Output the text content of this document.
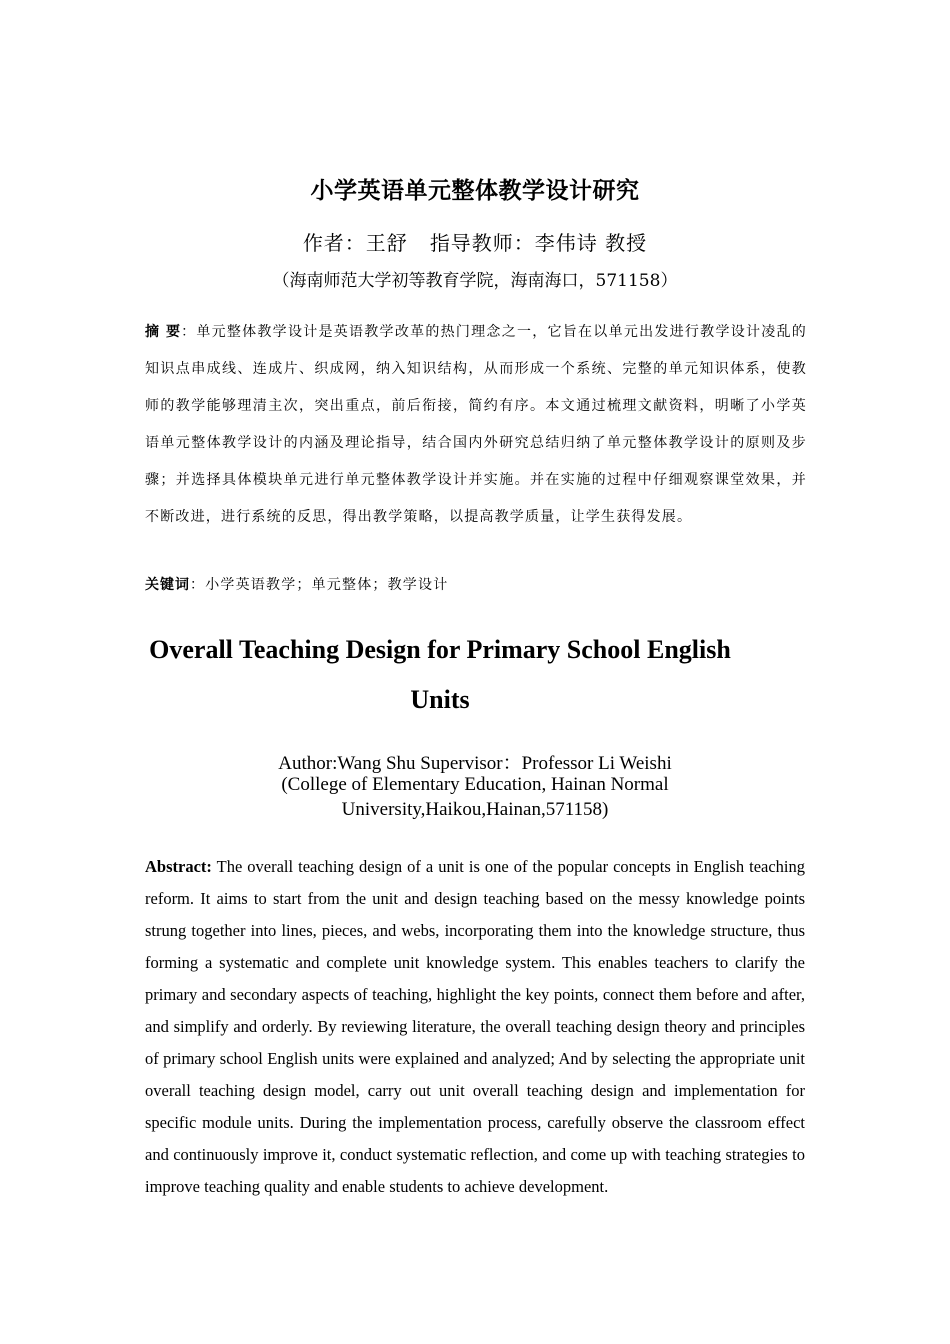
小学英语单元整体教学设计研究
作者：王舒 指导教师：李伟诗 教授
（海南师范大学初等教育学院，海南海口，571158）

摘 要：单元整体教学设计是英语教学改革的热门理念之一，它旨在以单元出发进行教学设计凌乱的知识点串成线、连成片、织成网，纳入知识结构，从而形成一个系统、完整的单元知识体系，使教师的教学能够理清主次，突出重点，前后衔接，简约有序。本文通过梳理文献资料，明晰了小学英语单元整体教学设计的内涵及理论指导，结合国内外研究总结归纳了单元整体教学设计的原则及步骤；并选择具体模块单元进行单元整体教学设计并实施。并在实施的过程中仔细观察课堂效果，并不断改进，进行系统的反思，得出教学策略，以提高教学质量，让学生获得发展。

关键词：小学英语教学；单元整体；教学设计

Overall Teaching Design for Primary School English Units

Author:Wang Shu Supervisor：Professor Li Weishi

(College of Elementary Education, Hainan Normal University,Haikou,Hainan,571158)

Abstract: The overall teaching design of a unit is one of the popular concepts in English teaching reform. It aims to start from the unit and design teaching based on the messy knowledge points strung together into lines, pieces, and webs, incorporating them into the knowledge structure, thus forming a systematic and complete unit knowledge system. This enables teachers to clarify the primary and secondary aspects of teaching, highlight the key points, connect them before and after, and simplify and orderly. By reviewing literature, the overall teaching design theory and principles of primary school English units were explained and analyzed; And by selecting the appropriate unit overall teaching design model, carry out unit overall teaching design and implementation for specific module units. During the implementation process, carefully observe the classroom effect and continuously improve it, conduct systematic reflection, and come up with teaching strategies to improve teaching quality and enable students to achieve development.
